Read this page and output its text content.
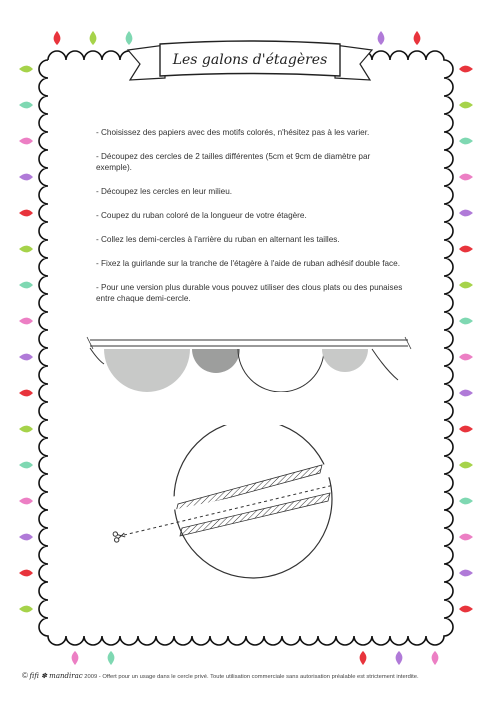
Les galons d'étagères

- Choisissez des papiers avec des motifs colorés, n'hésitez pas à les varier.

- Découpez des cercles de 2 tailles différentes (5cm et 9cm de diamètre par exemple).

- Découpez les cercles en leur milieu.

- Coupez du ruban coloré de la longueur de votre étagère.

- Collez les demi-cercles à l'arrière du ruban en alternant les tailles.

- Fixez la guirlande sur la tranche de l'étagère à l'aide de ruban adhésif double face.

- Pour une version plus durable vous pouvez utiliser des clous plats ou des punaises entre chaque demi-cercle.

© fifi ✽ mandirac 2009 - Offert pour un usage dans le cercle privé. Toute utilisation commerciale sans autorisation préalable est strictement interdite.
